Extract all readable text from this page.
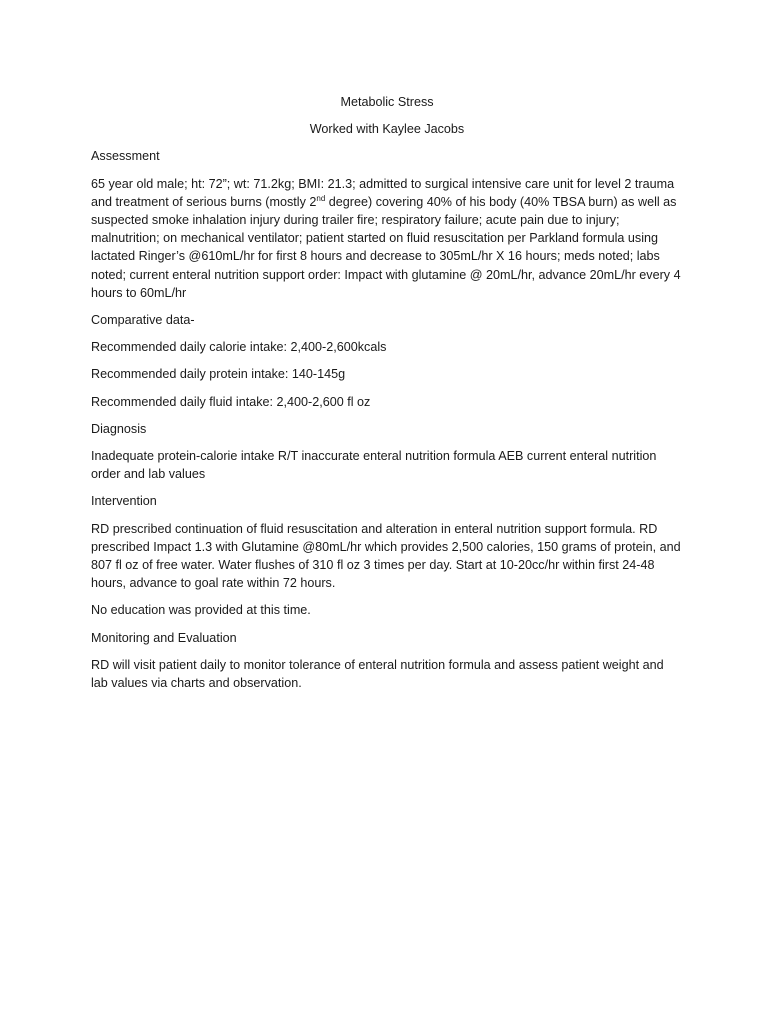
Metabolic Stress

Worked with Kaylee Jacobs

Assessment

65 year old male; ht: 72”; wt: 71.2kg; BMI: 21.3; admitted to surgical intensive care unit for level 2 trauma and treatment of serious burns (mostly 2nd degree) covering 40% of his body (40% TBSA burn) as well as suspected smoke inhalation injury during trailer fire; respiratory failure; acute pain due to injury; malnutrition; on mechanical ventilator; patient started on fluid resuscitation per Parkland formula using lactated Ringer’s @610mL/hr for first 8 hours and decrease to 305mL/hr X 16 hours; meds noted; labs noted; current enteral nutrition support order: Impact with glutamine @ 20mL/hr, advance 20mL/hr every 4 hours to 60mL/hr

Comparative data-

Recommended daily calorie intake: 2,400-2,600kcals

Recommended daily protein intake: 140-145g

Recommended daily fluid intake: 2,400-2,600 fl oz

Diagnosis

Inadequate protein-calorie intake R/T inaccurate enteral nutrition formula AEB current enteral nutrition order and lab values

Intervention

RD prescribed continuation of fluid resuscitation and alteration in enteral nutrition support formula. RD prescribed Impact 1.3 with Glutamine @80mL/hr which provides 2,500 calories, 150 grams of protein, and 807 fl oz of free water. Water flushes of 310 fl oz 3 times per day. Start at 10-20cc/hr within first 24-48 hours, advance to goal rate within 72 hours.

No education was provided at this time.

Monitoring and Evaluation

RD will visit patient daily to monitor tolerance of enteral nutrition formula and assess patient weight and lab values via charts and observation.
